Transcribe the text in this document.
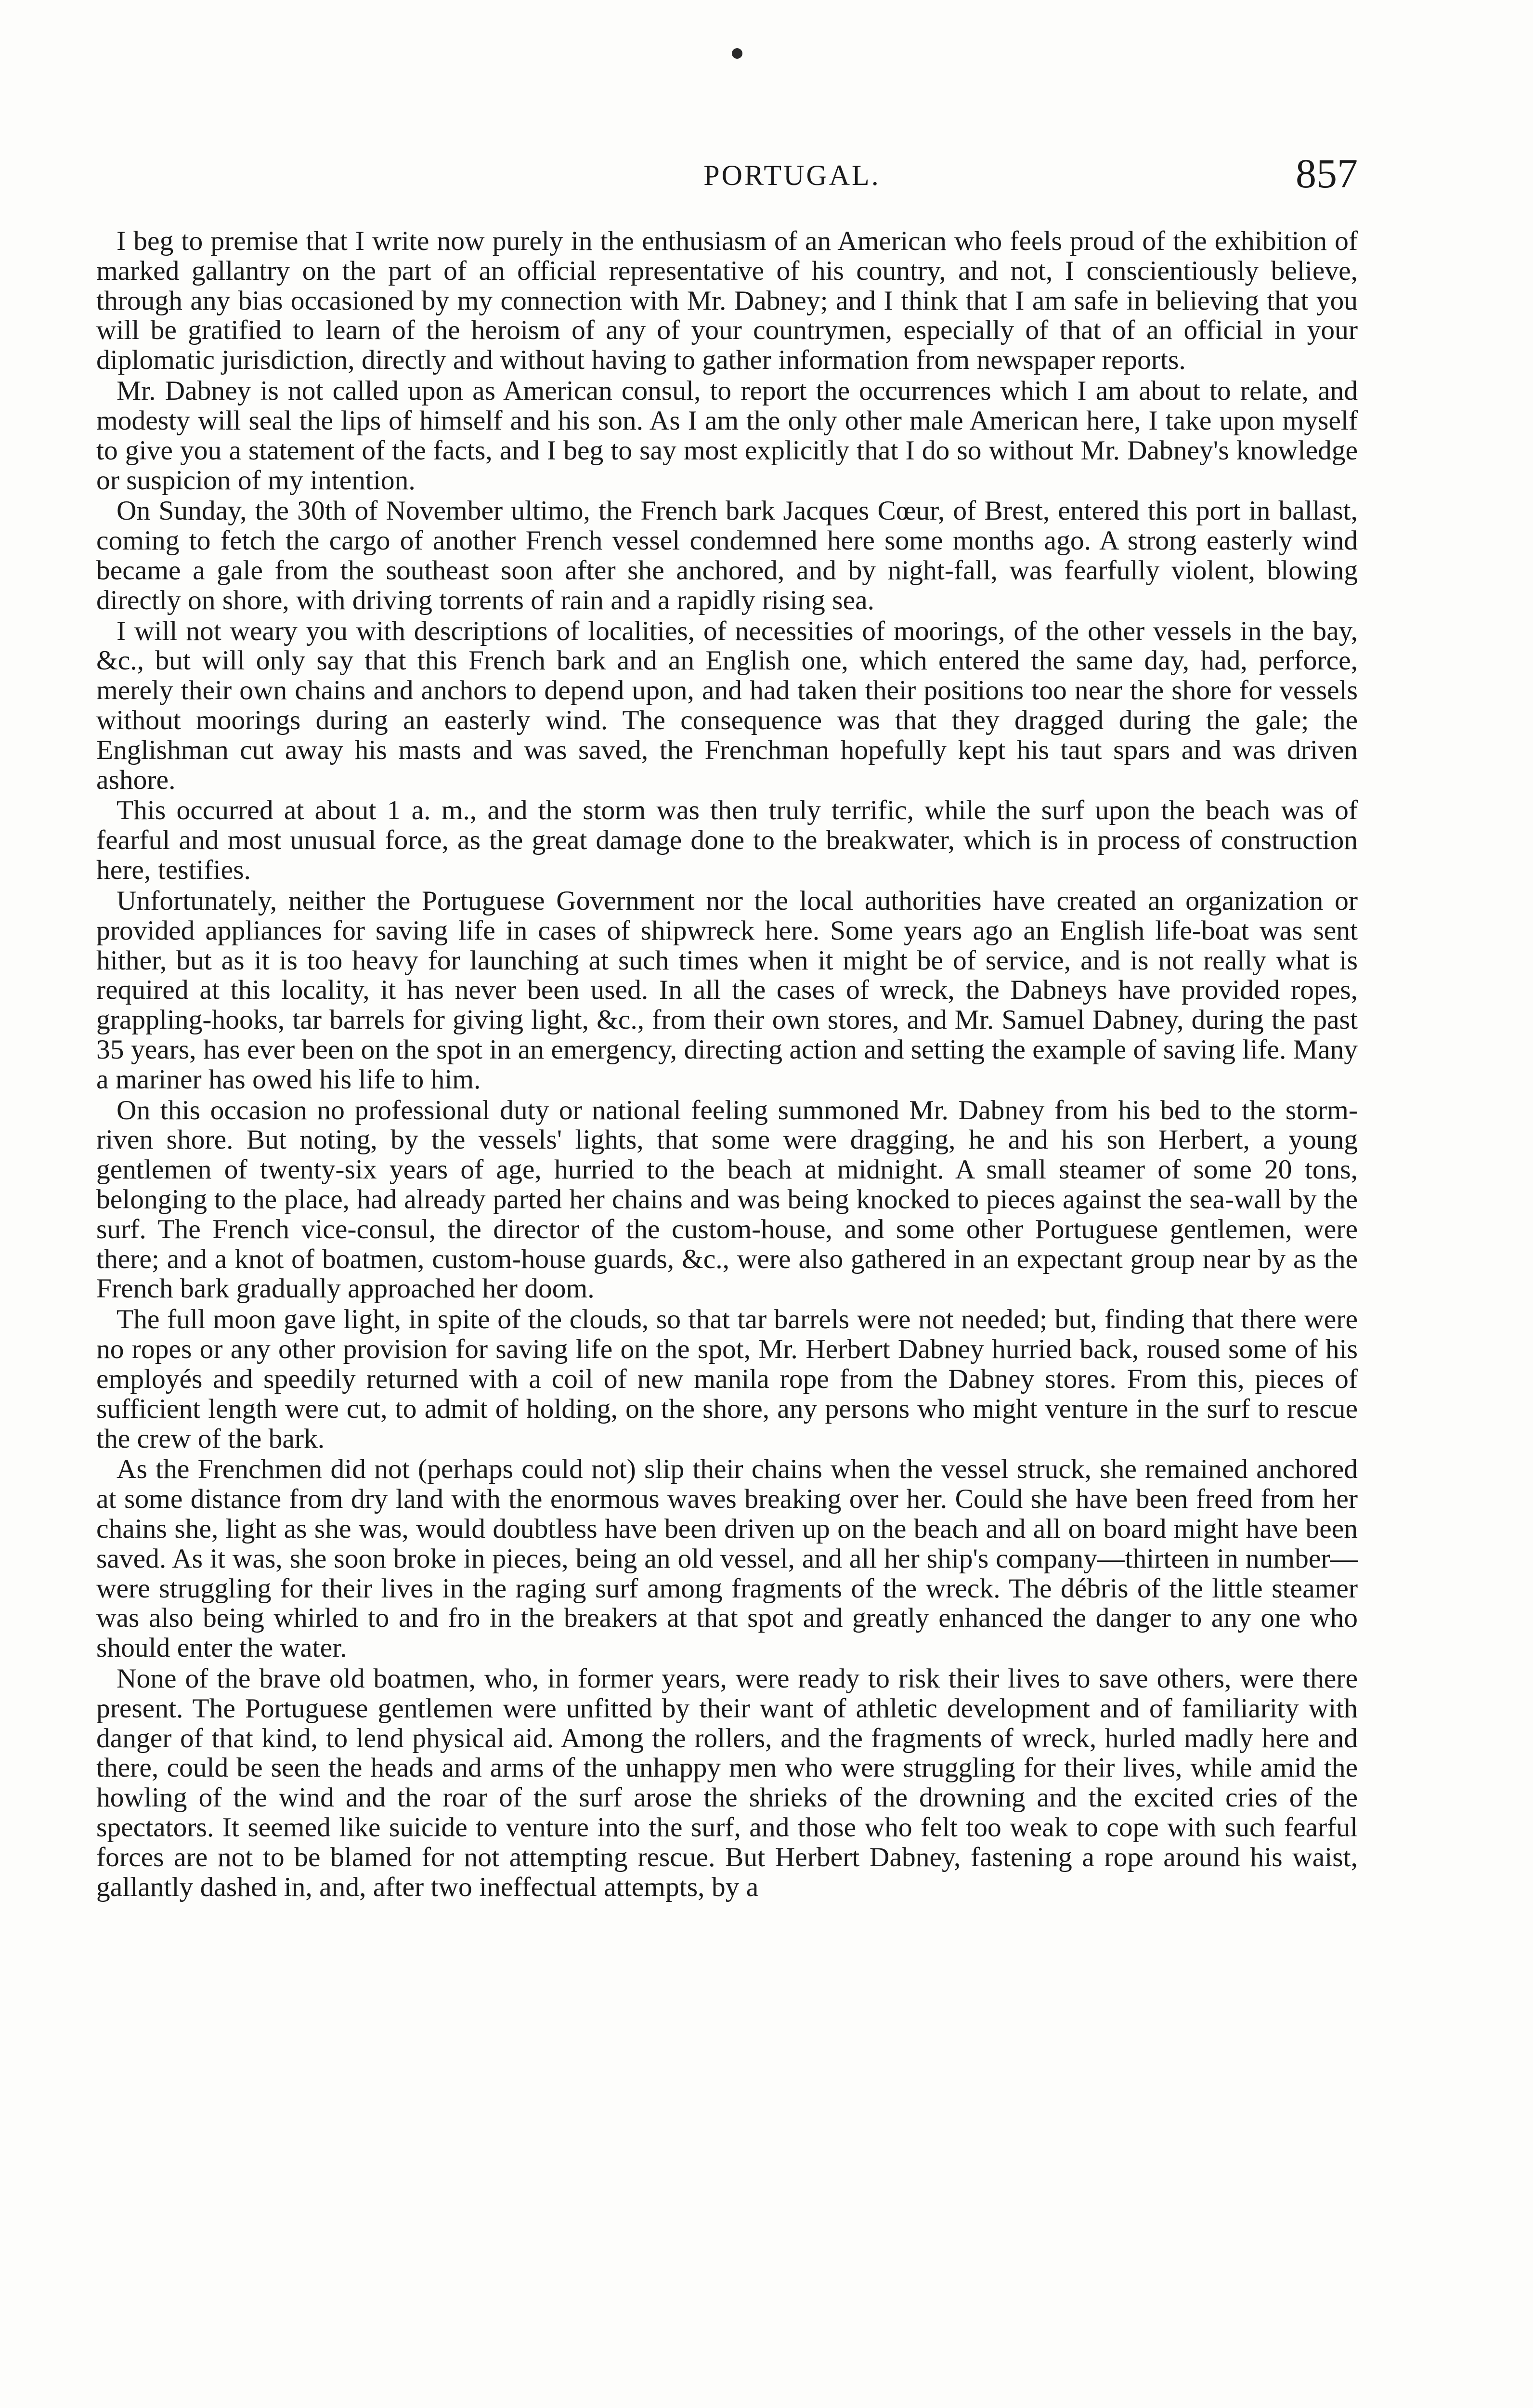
PORTUGAL.	857

I beg to premise that I write now purely in the enthusiasm of an American who feels proud of the exhibition of marked gallantry on the part of an official representative of his country, and not, I conscientiously believe, through any bias occasioned by my connection with Mr. Dabney; and I think that I am safe in believing that you will be gratified to learn of the heroism of any of your countrymen, especially of that of an official in your diplomatic jurisdiction, directly and without having to gather information from newspaper reports.

Mr. Dabney is not called upon as American consul, to report the occurrences which I am about to relate, and modesty will seal the lips of himself and his son. As I am the only other male American here, I take upon myself to give you a statement of the facts, and I beg to say most explicitly that I do so without Mr. Dabney's knowledge or suspicion of my intention.

On Sunday, the 30th of November ultimo, the French bark Jacques Cœur, of Brest, entered this port in ballast, coming to fetch the cargo of another French vessel condemned here some months ago. A strong easterly wind became a gale from the southeast soon after she anchored, and by night-fall, was fearfully violent, blowing directly on shore, with driving torrents of rain and a rapidly rising sea.

I will not weary you with descriptions of localities, of necessities of moorings, of the other vessels in the bay, &c., but will only say that this French bark and an English one, which entered the same day, had, perforce, merely their own chains and anchors to depend upon, and had taken their positions too near the shore for vessels without moorings during an easterly wind. The consequence was that they dragged during the gale; the Englishman cut away his masts and was saved, the Frenchman hopefully kept his taut spars and was driven ashore.

This occurred at about 1 a. m., and the storm was then truly terrific, while the surf upon the beach was of fearful and most unusual force, as the great damage done to the breakwater, which is in process of construction here, testifies.

Unfortunately, neither the Portuguese Government nor the local authorities have created an organization or provided appliances for saving life in cases of shipwreck here. Some years ago an English life-boat was sent hither, but as it is too heavy for launching at such times when it might be of service, and is not really what is required at this locality, it has never been used. In all the cases of wreck, the Dabneys have provided ropes, grappling-hooks, tar barrels for giving light, &c., from their own stores, and Mr. Samuel Dabney, during the past 35 years, has ever been on the spot in an emergency, directing action and setting the example of saving life. Many a mariner has owed his life to him.

On this occasion no professional duty or national feeling summoned Mr. Dabney from his bed to the storm-riven shore. But noting, by the vessels' lights, that some were dragging, he and his son Herbert, a young gentlemen of twenty-six years of age, hurried to the beach at midnight. A small steamer of some 20 tons, belonging to the place, had already parted her chains and was being knocked to pieces against the sea-wall by the surf. The French vice-consul, the director of the custom-house, and some other Portuguese gentlemen, were there; and a knot of boatmen, custom-house guards, &c., were also gathered in an expectant group near by as the French bark gradually approached her doom.

The full moon gave light, in spite of the clouds, so that tar barrels were not needed; but, finding that there were no ropes or any other provision for saving life on the spot, Mr. Herbert Dabney hurried back, roused some of his employés and speedily returned with a coil of new manila rope from the Dabney stores. From this, pieces of sufficient length were cut, to admit of holding, on the shore, any persons who might venture in the surf to rescue the crew of the bark.

As the Frenchmen did not (perhaps could not) slip their chains when the vessel struck, she remained anchored at some distance from dry land with the enormous waves breaking over her. Could she have been freed from her chains she, light as she was, would doubtless have been driven up on the beach and all on board might have been saved. As it was, she soon broke in pieces, being an old vessel, and all her ship's company—thirteen in number—were struggling for their lives in the raging surf among fragments of the wreck. The débris of the little steamer was also being whirled to and fro in the breakers at that spot and greatly enhanced the danger to any one who should enter the water.

None of the brave old boatmen, who, in former years, were ready to risk their lives to save others, were there present. The Portuguese gentlemen were unfitted by their want of athletic development and of familiarity with danger of that kind, to lend physical aid. Among the rollers, and the fragments of wreck, hurled madly here and there, could be seen the heads and arms of the unhappy men who were struggling for their lives, while amid the howling of the wind and the roar of the surf arose the shrieks of the drowning and the excited cries of the spectators. It seemed like suicide to venture into the surf, and those who felt too weak to cope with such fearful forces are not to be blamed for not attempting rescue. But Herbert Dabney, fastening a rope around his waist, gallantly dashed in, and, after two ineffectual attempts, by a
